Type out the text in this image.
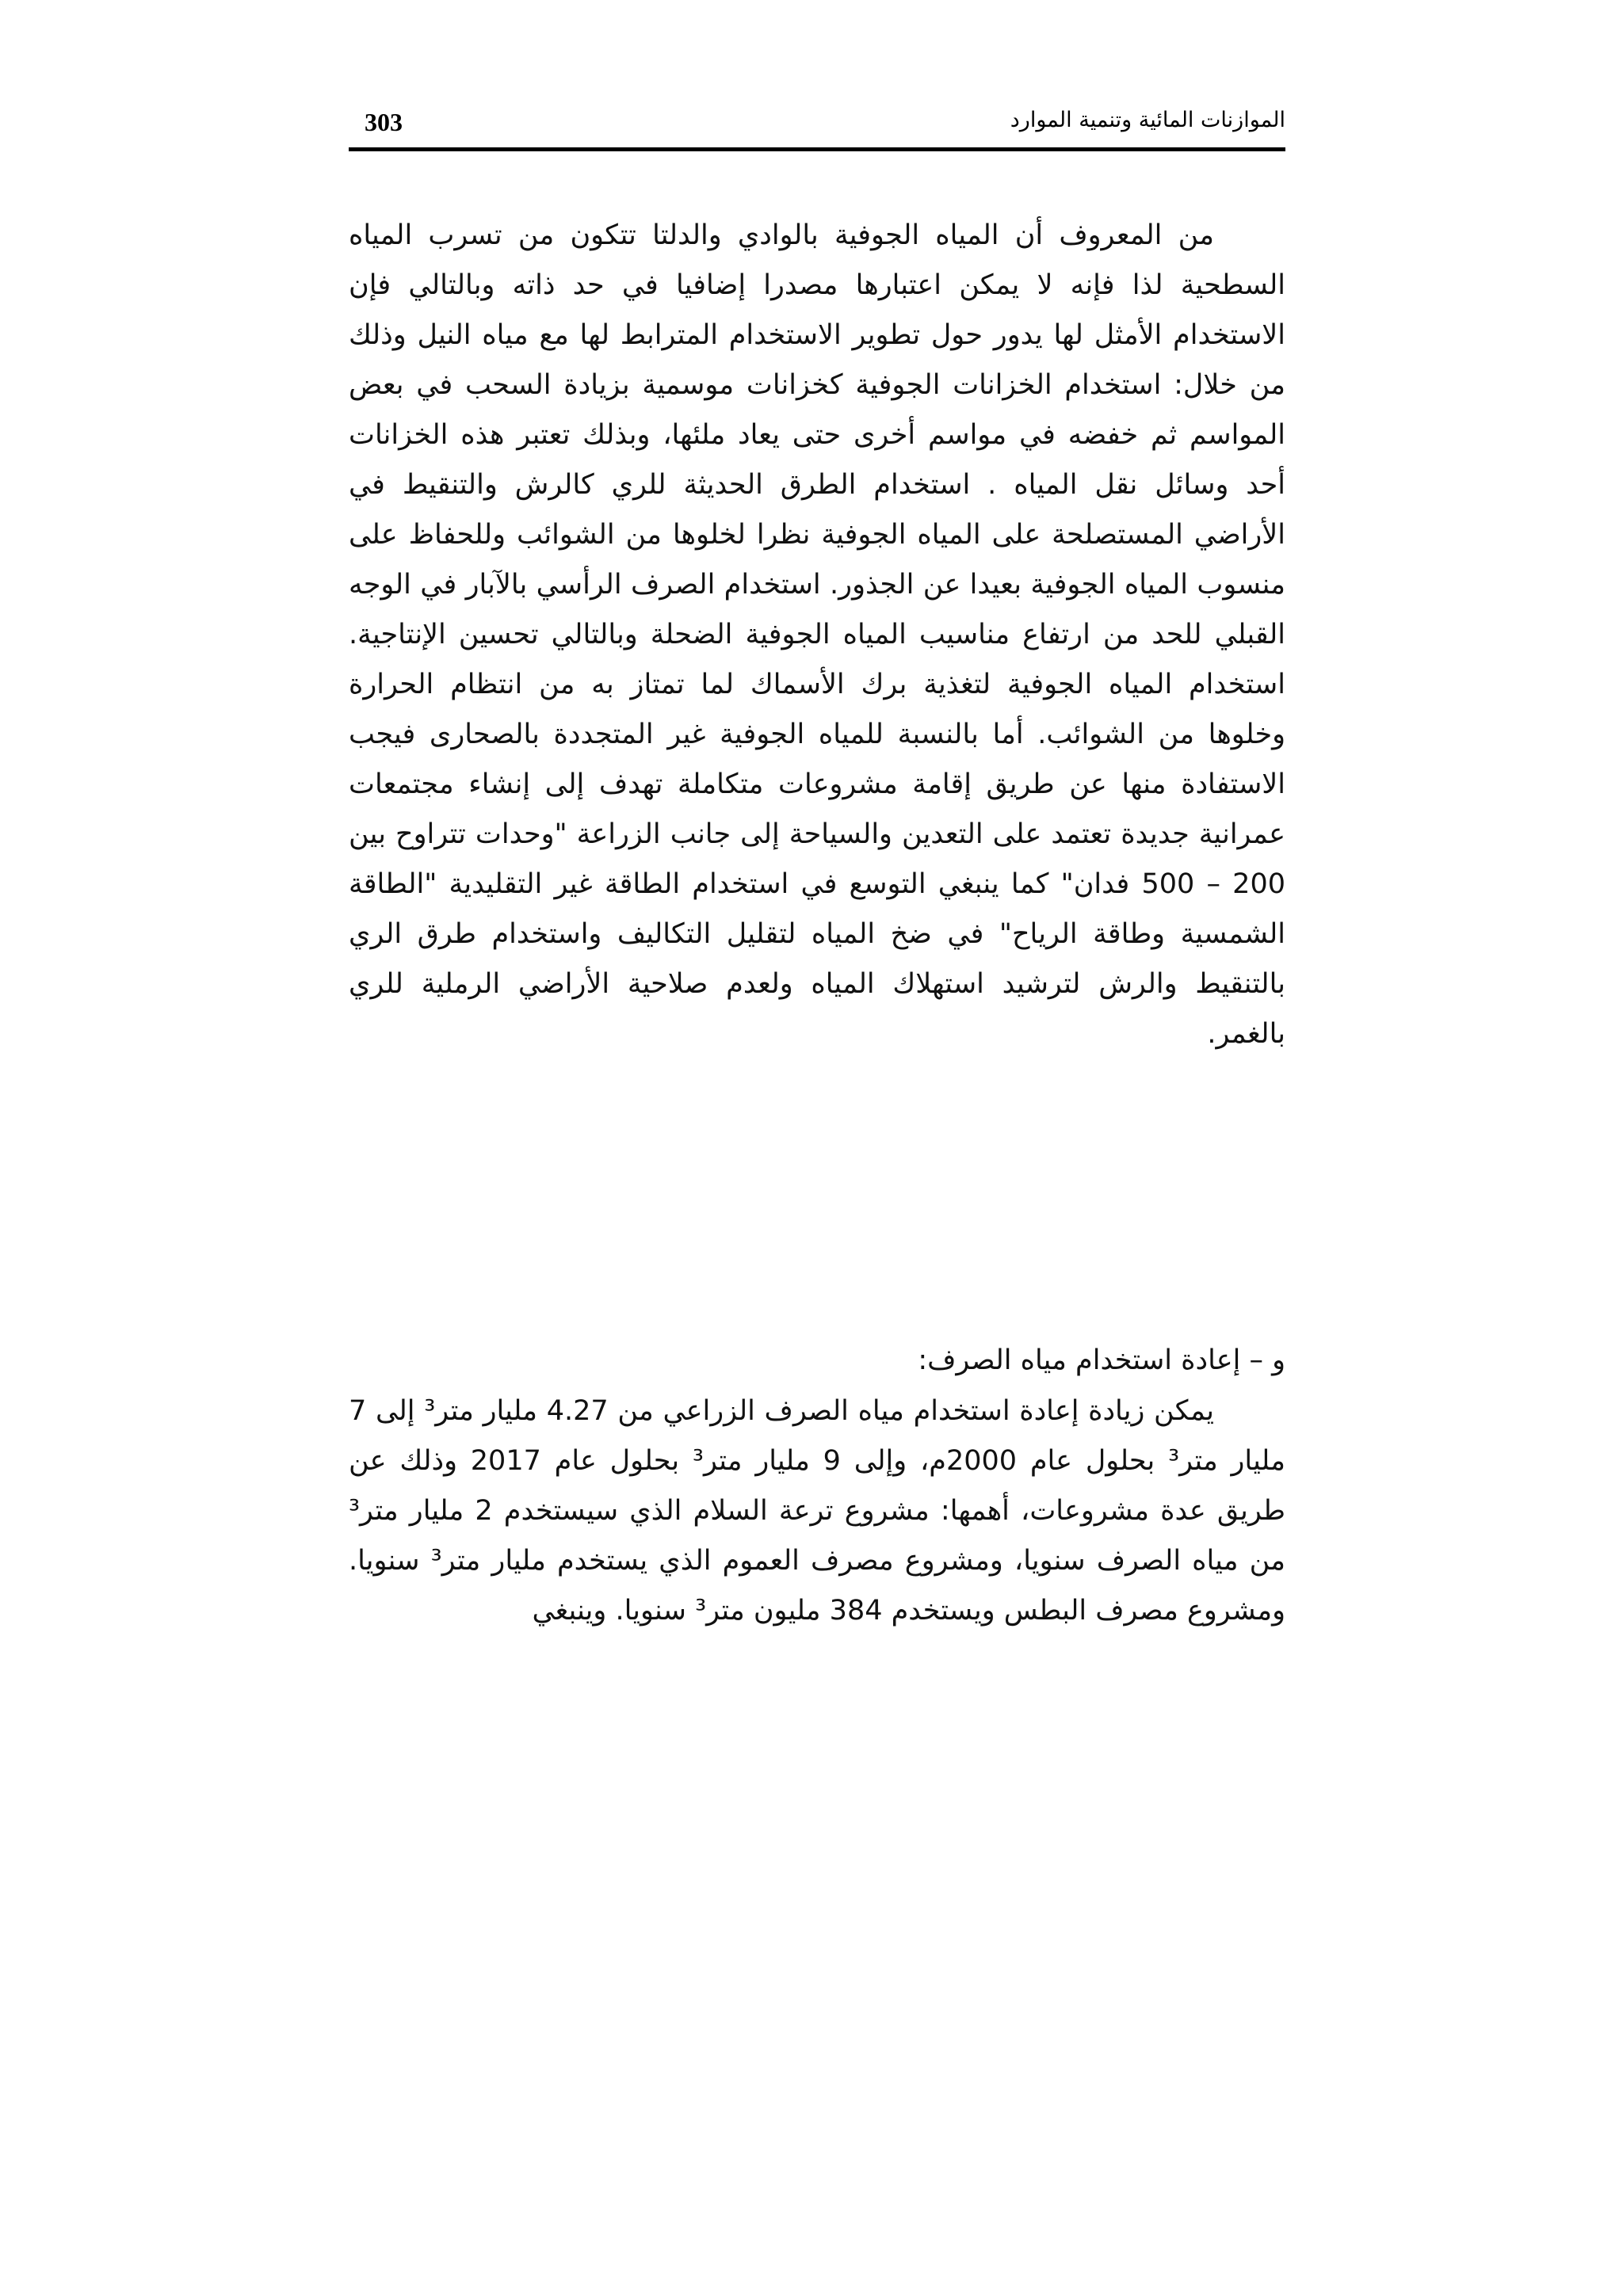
303	الموازنات المائية وتنمية الموارد

من المعروف أن المياه الجوفية بالوادي والدلتا تتكون من تسرب المياه السطحية لذا فإنه لا يمكن اعتبارها مصدرا إضافيا في حد ذاته وبالتالي فإن الاستخدام الأمثل لها يدور حول تطوير الاستخدام المترابط لها مع مياه النيل وذلك من خلال: استخدام الخزانات الجوفية كخزانات موسمية بزيادة السحب في بعض المواسم ثم خفضه في مواسم أخرى حتى يعاد ملئها، وبذلك تعتبر هذه الخزانات أحد وسائل نقل المياه . استخدام الطرق الحديثة للري كالرش والتنقيط في الأراضي المستصلحة على المياه الجوفية نظرا لخلوها من الشوائب وللحفاظ على منسوب المياه الجوفية بعيدا عن الجذور. استخدام الصرف الرأسي بالآبار في الوجه القبلي للحد من ارتفاع مناسيب المياه الجوفية الضحلة وبالتالي تحسين الإنتاجية. استخدام المياه الجوفية لتغذية برك الأسماك لما تمتاز به من انتظام الحرارة وخلوها من الشوائب. أما بالنسبة للمياه الجوفية غير المتجددة بالصحارى فيجب الاستفادة منها عن طريق إقامة مشروعات متكاملة تهدف إلى إنشاء مجتمعات عمرانية جديدة تعتمد على التعدين والسياحة إلى جانب الزراعة "وحدات تتراوح بين 200 – 500 فدان" كما ينبغي التوسع في استخدام الطاقة غير التقليدية "الطاقة الشمسية وطاقة الرياح" في ضخ المياه لتقليل التكاليف واستخدام طرق الري بالتنقيط والرش لترشيد استهلاك المياه ولعدم صلاحية الأراضي الرملية للري بالغمر.

و – إعادة استخدام مياه الصرف:

يمكن زيادة إعادة استخدام مياه الصرف الزراعي من 4.27 مليار متر³ إلى 7 مليار متر³ بحلول عام 2000م، وإلى 9 مليار متر³ بحلول عام 2017 وذلك عن طريق عدة مشروعات، أهمها: مشروع ترعة السلام الذي سيستخدم 2 مليار متر³ من مياه الصرف سنويا، ومشروع مصرف العموم الذي يستخدم مليار متر³ سنويا. ومشروع مصرف البطس ويستخدم 384 مليون متر³ سنويا. وينبغي
